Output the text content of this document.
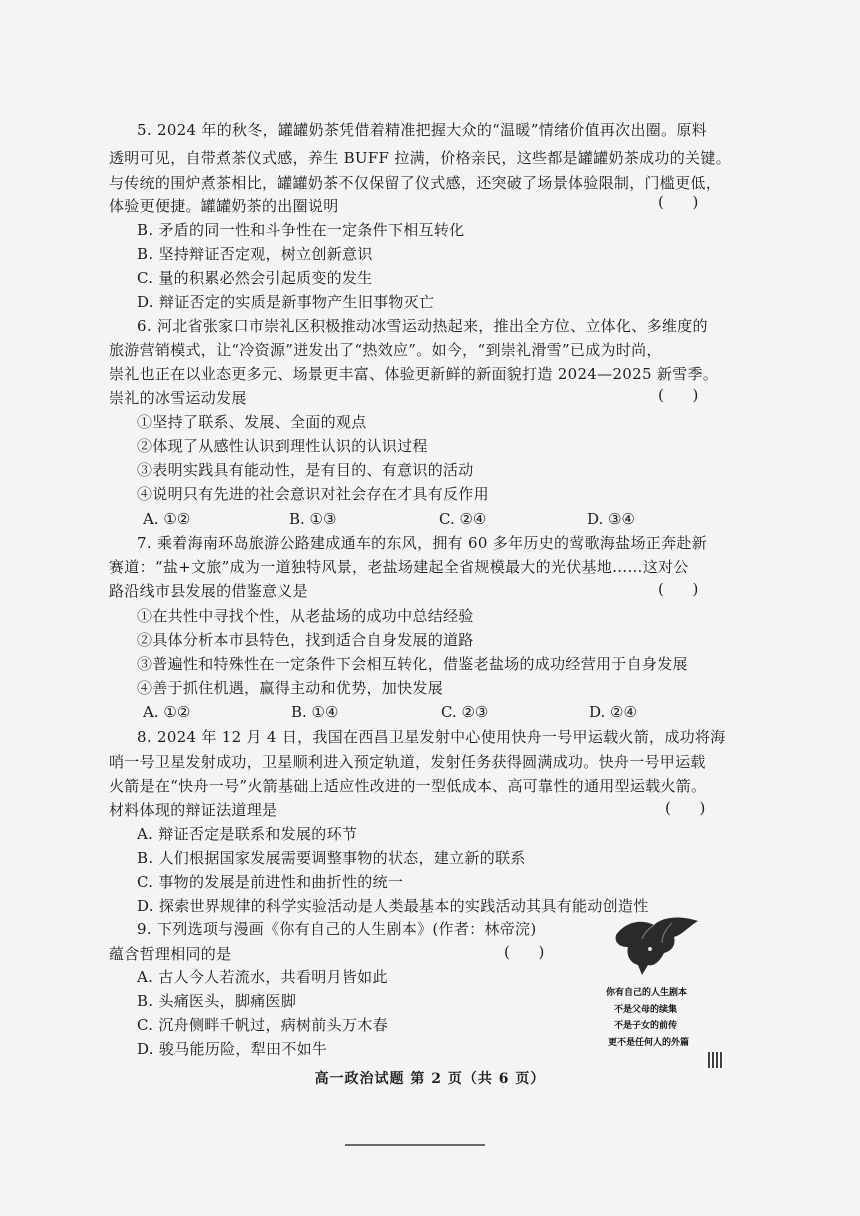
5. 2024 年的秋冬，罐罐奶茶凭借着精准把握大众的“温暖”情绪价值再次出圈。原料
透明可见，自带煮茶仪式感，养生 BUFF 拉满，价格亲民，这些都是罐罐奶茶成功的关键。
与传统的围炉煮茶相比，罐罐奶茶不仅保留了仪式感，还突破了场景体验限制，门槛更低，
体验更便捷。罐罐奶茶的出圈说明	(      )
B. 矛盾的同一性和斗争性在一定条件下相互转化
B. 坚持辩证否定观，树立创新意识
C. 量的积累必然会引起质变的发生
D. 辩证否定的实质是新事物产生旧事物灭亡
6. 河北省张家口市崇礼区积极推动冰雪运动热起来，推出全方位、立体化、多维度的
旅游营销模式，让“冷资源”迸发出了“热效应”。如今，“到崇礼滑雪”已成为时尚，
崇礼也正在以业态更多元、场景更丰富、体验更新鲜的新面貌打造 2024—2025 新雪季。
崇礼的冰雪运动发展	(      )
①坚持了联系、发展、全面的观点
②体现了从感性认识到理性认识的认识过程
③表明实践具有能动性，是有目的、有意识的活动
④说明只有先进的社会意识对社会存在才具有反作用
A. ①②	B. ①③	C. ②④	D. ③④
7. 乘着海南环岛旅游公路建成通车的东风，拥有 60 多年历史的莺歌海盐场正奔赴新
赛道：“盐+文旅”成为一道独特风景，老盐场建起全省规模最大的光伏基地……这对公
路沿线市县发展的借鉴意义是	(      )
①在共性中寻找个性，从老盐场的成功中总结经验
②具体分析本市县特色，找到适合自身发展的道路
③普遍性和特殊性在一定条件下会相互转化，借鉴老盐场的成功经营用于自身发展
④善于抓住机遇，赢得主动和优势，加快发展
A. ①②	B. ①④	C. ②③	D. ②④
8. 2024 年 12 月 4 日，我国在西昌卫星发射中心使用快舟一号甲运载火箭，成功将海
哨一号卫星发射成功，卫星顺利进入预定轨道，发射任务获得圆满成功。快舟一号甲运载
火箭是在“快舟一号”火箭基础上适应性改进的一型低成本、高可靠性的通用型运载火箭。
材料体现的辩证法道理是	(      )
A. 辩证否定是联系和发展的环节
B. 人们根据国家发展需要调整事物的状态，建立新的联系
C. 事物的发展是前进性和曲折性的统一
D. 探索世界规律的科学实验活动是人类最基本的实践活动其具有能动创造性
9. 下列选项与漫画《你有自己的人生剧本》(作者：林帝浣)
蕴含哲理相同的是	(      )
A. 古人今人若流水，共看明月皆如此
B. 头痛医头，脚痛医脚
C. 沉舟侧畔千帆过，病树前头万木春
D. 骏马能历险，犁田不如牛
你有自己的人生剧本
不是父母的续集
不是子女的前传
更不是任何人的外篇
高一政治试题 第 2 页（共 6 页）
